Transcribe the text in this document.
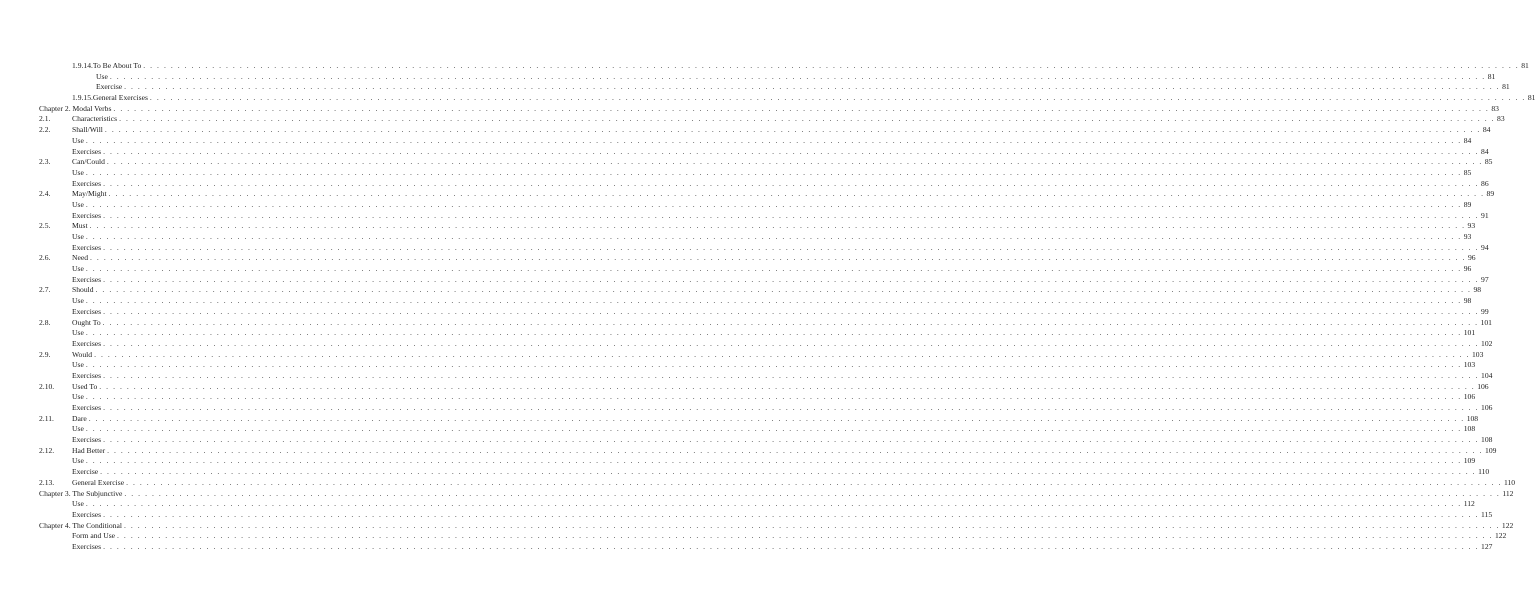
1.9.14.To Be About To . . . . . . . . . . . . . . . . . . . . . . . . . . . . . . . . . . . . . . . . . . . . . . . . . . . . . . . . . . . . . . . . . . . . . . . . . . . . . . . . . . . . . . . . . . . . . . . . . . . . . . . . . . . . . . . . . . . . . . . . . . . . . . . . . . . . . . . . . . . . . . . . . . . . . . . . . . . . . . . . . . . . . . . . . . . . . . . . . . . . . . . . . . . . . . . . . . . . . . . . 81
Use . . . . . . . . . . . . . . . . . . . . . . . . . . . . . . . . . . . . . . . . . . . . . . . . . . . . . . . . . . . . . . . . . . . . . . . . . . . . . . . . . . . . . . . . . . . . . . . . . . . . . . . . . . . . . . . . . . . . . . . . . . . . . . . . . . . . . . . . . . . . . . . . . . . . . . . . . . . . . . . . . . . . . . . . . . . . . . . . . . . . . . . . . . . . . . . . . . . . . . . . 81
Exercise . . . . . . . . . . . . . . . . . . . . . . . . . . . . . . . . . . . . . . . . . . . . . . . . . . . . . . . . . . . . . . . . . . . . . . . . . . . . . . . . . . . . . . . . . . . . . . . . . . . . . . . . . . . . . . . . . . . . . . . . . . . . . . . . . . . . . . . . . . . . . . . . . . . . . . . . . . . . . . . . . . . . . . . . . . . . . . . . . . . . . . . . . . . . . . . . . . . . . . . . 81
1.9.15.General Exercises . . . . . . . . . . . . . . . . . . . . . . . . . . . . . . . . . . . . . . . . . . . . . . . . . . . . . . . . . . . . . . . . . . . . . . . . . . . . . . . . . . . . . . . . . . . . . . . . . . . . . . . . . . . . . . . . . . . . . . . . . . . . . . . . . . . . . . . . . . . . . . . . . . . . . . . . . . . . . . . . . . . . . . . . . . . . . . . . . . . . . . . . . . . . . . . . . . . . . . . . 81
Chapter 2. Modal Verbs . . . . . . . . . . . . . . . . . . . . . . . . . . . . . . . . . . . . . . . . . . . . . . . . . . . . . . . . . . . . . . . . . . . . . . . . . . . . . . . . . . . . . . . . . . . . . . . . . . . . . . . . . . . . . . . . . . . . . . . . . . . . . . . . . . . . . . . . . . . . . . . . . . . . . . . . . . . . . . . . . . . . . . . . . . . . . . . . . . . . . . . . . . . . . . . . . . . . . . . . 83
2.1.	Characteristics . . . . . . . . . . . . . . . . . . . . . . . . . . . . . . . . . . . . . . . . . . . . . . . . . . . . . . . . . . . . . . . . . . . . . . . . . . . . . . . . . . . . . . . . . . . . . . . . . . . . . . . . . . . . . . . . . . . . . . . . . . . . . . . . . . . . . . . . . . . . . . . . . . . . . . . . . . . . . . . . . . . . . . . . . . . . . . . . . . . . . . . . . . . . . . . . . . . . . . . . 83
2.2.	Shall/Will . . . . . . . . . . . . . . . . . . . . . . . . . . . . . . . . . . . . . . . . . . . . . . . . . . . . . . . . . . . . . . . . . . . . . . . . . . . . . . . . . . . . . . . . . . . . . . . . . . . . . . . . . . . . . . . . . . . . . . . . . . . . . . . . . . . . . . . . . . . . . . . . . . . . . . . . . . . . . . . . . . . . . . . . . . . . . . . . . . . . . . . . . . . . . . . . . . . . . . . . 84
Use . . . . . . . . . . . . . . . . . . . . . . . . . . . . . . . . . . . . . . . . . . . . . . . . . . . . . . . . . . . . . . . . . . . . . . . . . . . . . . . . . . . . . . . . . . . . . . . . . . . . . . . . . . . . . . . . . . . . . . . . . . . . . . . . . . . . . . . . . . . . . . . . . . . . . . . . . . . . . . . . . . . . . . . . . . . . . . . . . . . . . . . . . . . . . . . . . . . . . . . . 84
Exercises . . . . . . . . . . . . . . . . . . . . . . . . . . . . . . . . . . . . . . . . . . . . . . . . . . . . . . . . . . . . . . . . . . . . . . . . . . . . . . . . . . . . . . . . . . . . . . . . . . . . . . . . . . . . . . . . . . . . . . . . . . . . . . . . . . . . . . . . . . . . . . . . . . . . . . . . . . . . . . . . . . . . . . . . . . . . . . . . . . . . . . . . . . . . . . . . . . . . . . . . 84
2.3.	Can/Could . . . . . . . . . . . . . . . . . . . . . . . . . . . . . . . . . . . . . . . . . . . . . . . . . . . . . . . . . . . . . . . . . . . . . . . . . . . . . . . . . . . . . . . . . . . . . . . . . . . . . . . . . . . . . . . . . . . . . . . . . . . . . . . . . . . . . . . . . . . . . . . . . . . . . . . . . . . . . . . . . . . . . . . . . . . . . . . . . . . . . . . . . . . . . . . . . . . . . . . . 85
Use . . . . . . . . . . . . . . . . . . . . . . . . . . . . . . . . . . . . . . . . . . . . . . . . . . . . . . . . . . . . . . . . . . . . . . . . . . . . . . . . . . . . . . . . . . . . . . . . . . . . . . . . . . . . . . . . . . . . . . . . . . . . . . . . . . . . . . . . . . . . . . . . . . . . . . . . . . . . . . . . . . . . . . . . . . . . . . . . . . . . . . . . . . . . . . . . . . . . . . . . 85
Exercises . . . . . . . . . . . . . . . . . . . . . . . . . . . . . . . . . . . . . . . . . . . . . . . . . . . . . . . . . . . . . . . . . . . . . . . . . . . . . . . . . . . . . . . . . . . . . . . . . . . . . . . . . . . . . . . . . . . . . . . . . . . . . . . . . . . . . . . . . . . . . . . . . . . . . . . . . . . . . . . . . . . . . . . . . . . . . . . . . . . . . . . . . . . . . . . . . . . . . . . . 86
2.4.	May/Might . . . . . . . . . . . . . . . . . . . . . . . . . . . . . . . . . . . . . . . . . . . . . . . . . . . . . . . . . . . . . . . . . . . . . . . . . . . . . . . . . . . . . . . . . . . . . . . . . . . . . . . . . . . . . . . . . . . . . . . . . . . . . . . . . . . . . . . . . . . . . . . . . . . . . . . . . . . . . . . . . . . . . . . . . . . . . . . . . . . . . . . . . . . . . . . . . . . . . . . . 89
Use . . . . . . . . . . . . . . . . . . . . . . . . . . . . . . . . . . . . . . . . . . . . . . . . . . . . . . . . . . . . . . . . . . . . . . . . . . . . . . . . . . . . . . . . . . . . . . . . . . . . . . . . . . . . . . . . . . . . . . . . . . . . . . . . . . . . . . . . . . . . . . . . . . . . . . . . . . . . . . . . . . . . . . . . . . . . . . . . . . . . . . . . . . . . . . . . . . . . . . . . 89
Exercises . . . . . . . . . . . . . . . . . . . . . . . . . . . . . . . . . . . . . . . . . . . . . . . . . . . . . . . . . . . . . . . . . . . . . . . . . . . . . . . . . . . . . . . . . . . . . . . . . . . . . . . . . . . . . . . . . . . . . . . . . . . . . . . . . . . . . . . . . . . . . . . . . . . . . . . . . . . . . . . . . . . . . . . . . . . . . . . . . . . . . . . . . . . . . . . . . . . . . . . . 91
2.5.	Must . . . . . . . . . . . . . . . . . . . . . . . . . . . . . . . . . . . . . . . . . . . . . . . . . . . . . . . . . . . . . . . . . . . . . . . . . . . . . . . . . . . . . . . . . . . . . . . . . . . . . . . . . . . . . . . . . . . . . . . . . . . . . . . . . . . . . . . . . . . . . . . . . . . . . . . . . . . . . . . . . . . . . . . . . . . . . . . . . . . . . . . . . . . . . . . . . . . . . . . . 93
Use . . . . . . . . . . . . . . . . . . . . . . . . . . . . . . . . . . . . . . . . . . . . . . . . . . . . . . . . . . . . . . . . . . . . . . . . . . . . . . . . . . . . . . . . . . . . . . . . . . . . . . . . . . . . . . . . . . . . . . . . . . . . . . . . . . . . . . . . . . . . . . . . . . . . . . . . . . . . . . . . . . . . . . . . . . . . . . . . . . . . . . . . . . . . . . . . . . . . . . . . 93
Exercises . . . . . . . . . . . . . . . . . . . . . . . . . . . . . . . . . . . . . . . . . . . . . . . . . . . . . . . . . . . . . . . . . . . . . . . . . . . . . . . . . . . . . . . . . . . . . . . . . . . . . . . . . . . . . . . . . . . . . . . . . . . . . . . . . . . . . . . . . . . . . . . . . . . . . . . . . . . . . . . . . . . . . . . . . . . . . . . . . . . . . . . . . . . . . . . . . . . . . . . . 94
2.6.	Need . . . . . . . . . . . . . . . . . . . . . . . . . . . . . . . . . . . . . . . . . . . . . . . . . . . . . . . . . . . . . . . . . . . . . . . . . . . . . . . . . . . . . . . . . . . . . . . . . . . . . . . . . . . . . . . . . . . . . . . . . . . . . . . . . . . . . . . . . . . . . . . . . . . . . . . . . . . . . . . . . . . . . . . . . . . . . . . . . . . . . . . . . . . . . . . . . . . . . . . . 96
Use . . . . . . . . . . . . . . . . . . . . . . . . . . . . . . . . . . . . . . . . . . . . . . . . . . . . . . . . . . . . . . . . . . . . . . . . . . . . . . . . . . . . . . . . . . . . . . . . . . . . . . . . . . . . . . . . . . . . . . . . . . . . . . . . . . . . . . . . . . . . . . . . . . . . . . . . . . . . . . . . . . . . . . . . . . . . . . . . . . . . . . . . . . . . . . . . . . . . . . . . 96
Exercises . . . . . . . . . . . . . . . . . . . . . . . . . . . . . . . . . . . . . . . . . . . . . . . . . . . . . . . . . . . . . . . . . . . . . . . . . . . . . . . . . . . . . . . . . . . . . . . . . . . . . . . . . . . . . . . . . . . . . . . . . . . . . . . . . . . . . . . . . . . . . . . . . . . . . . . . . . . . . . . . . . . . . . . . . . . . . . . . . . . . . . . . . . . . . . . . . . . . . . . . 97
2.7.	Should . . . . . . . . . . . . . . . . . . . . . . . . . . . . . . . . . . . . . . . . . . . . . . . . . . . . . . . . . . . . . . . . . . . . . . . . . . . . . . . . . . . . . . . . . . . . . . . . . . . . . . . . . . . . . . . . . . . . . . . . . . . . . . . . . . . . . . . . . . . . . . . . . . . . . . . . . . . . . . . . . . . . . . . . . . . . . . . . . . . . . . . . . . . . . . . . . . . . . . . . 98
Use . . . . . . . . . . . . . . . . . . . . . . . . . . . . . . . . . . . . . . . . . . . . . . . . . . . . . . . . . . . . . . . . . . . . . . . . . . . . . . . . . . . . . . . . . . . . . . . . . . . . . . . . . . . . . . . . . . . . . . . . . . . . . . . . . . . . . . . . . . . . . . . . . . . . . . . . . . . . . . . . . . . . . . . . . . . . . . . . . . . . . . . . . . . . . . . . . . . . . . . . 98
Exercises . . . . . . . . . . . . . . . . . . . . . . . . . . . . . . . . . . . . . . . . . . . . . . . . . . . . . . . . . . . . . . . . . . . . . . . . . . . . . . . . . . . . . . . . . . . . . . . . . . . . . . . . . . . . . . . . . . . . . . . . . . . . . . . . . . . . . . . . . . . . . . . . . . . . . . . . . . . . . . . . . . . . . . . . . . . . . . . . . . . . . . . . . . . . . . . . . . . . . . . . 99
2.8.	Ought To . . . . . . . . . . . . . . . . . . . . . . . . . . . . . . . . . . . . . . . . . . . . . . . . . . . . . . . . . . . . . . . . . . . . . . . . . . . . . . . . . . . . . . . . . . . . . . . . . . . . . . . . . . . . . . . . . . . . . . . . . . . . . . . . . . . . . . . . . . . . . . . . . . . . . . . . . . . . . . . . . . . . . . . . . . . . . . . . . . . . . . . . . . . . . . . . . . . . . . . . 101
Use . . . . . . . . . . . . . . . . . . . . . . . . . . . . . . . . . . . . . . . . . . . . . . . . . . . . . . . . . . . . . . . . . . . . . . . . . . . . . . . . . . . . . . . . . . . . . . . . . . . . . . . . . . . . . . . . . . . . . . . . . . . . . . . . . . . . . . . . . . . . . . . . . . . . . . . . . . . . . . . . . . . . . . . . . . . . . . . . . . . . . . . . . . . . . . . . . . . . . . . . 101
Exercises . . . . . . . . . . . . . . . . . . . . . . . . . . . . . . . . . . . . . . . . . . . . . . . . . . . . . . . . . . . . . . . . . . . . . . . . . . . . . . . . . . . . . . . . . . . . . . . . . . . . . . . . . . . . . . . . . . . . . . . . . . . . . . . . . . . . . . . . . . . . . . . . . . . . . . . . . . . . . . . . . . . . . . . . . . . . . . . . . . . . . . . . . . . . . . . . . . . . . . . . 102
2.9.	Would . . . . . . . . . . . . . . . . . . . . . . . . . . . . . . . . . . . . . . . . . . . . . . . . . . . . . . . . . . . . . . . . . . . . . . . . . . . . . . . . . . . . . . . . . . . . . . . . . . . . . . . . . . . . . . . . . . . . . . . . . . . . . . . . . . . . . . . . . . . . . . . . . . . . . . . . . . . . . . . . . . . . . . . . . . . . . . . . . . . . . . . . . . . . . . . . . . . . . . . . 103
Use . . . . . . . . . . . . . . . . . . . . . . . . . . . . . . . . . . . . . . . . . . . . . . . . . . . . . . . . . . . . . . . . . . . . . . . . . . . . . . . . . . . . . . . . . . . . . . . . . . . . . . . . . . . . . . . . . . . . . . . . . . . . . . . . . . . . . . . . . . . . . . . . . . . . . . . . . . . . . . . . . . . . . . . . . . . . . . . . . . . . . . . . . . . . . . . . . . . . . . . . 103
Exercises . . . . . . . . . . . . . . . . . . . . . . . . . . . . . . . . . . . . . . . . . . . . . . . . . . . . . . . . . . . . . . . . . . . . . . . . . . . . . . . . . . . . . . . . . . . . . . . . . . . . . . . . . . . . . . . . . . . . . . . . . . . . . . . . . . . . . . . . . . . . . . . . . . . . . . . . . . . . . . . . . . . . . . . . . . . . . . . . . . . . . . . . . . . . . . . . . . . . . . . . 104
2.10. Used To . . . . . . . . . . . . . . . . . . . . . . . . . . . . . . . . . . . . . . . . . . . . . . . . . . . . . . . . . . . . . . . . . . . . . . . . . . . . . . . . . . . . . . . . . . . . . . . . . . . . . . . . . . . . . . . . . . . . . . . . . . . . . . . . . . . . . . . . . . . . . . . . . . . . . . . . . . . . . . . . . . . . . . . . . . . . . . . . . . . . . . . . . . . . . . . . . . . . . . . . 106
Use . . . . . . . . . . . . . . . . . . . . . . . . . . . . . . . . . . . . . . . . . . . . . . . . . . . . . . . . . . . . . . . . . . . . . . . . . . . . . . . . . . . . . . . . . . . . . . . . . . . . . . . . . . . . . . . . . . . . . . . . . . . . . . . . . . . . . . . . . . . . . . . . . . . . . . . . . . . . . . . . . . . . . . . . . . . . . . . . . . . . . . . . . . . . . . . . . . . . . . . . 106
Exercises . . . . . . . . . . . . . . . . . . . . . . . . . . . . . . . . . . . . . . . . . . . . . . . . . . . . . . . . . . . . . . . . . . . . . . . . . . . . . . . . . . . . . . . . . . . . . . . . . . . . . . . . . . . . . . . . . . . . . . . . . . . . . . . . . . . . . . . . . . . . . . . . . . . . . . . . . . . . . . . . . . . . . . . . . . . . . . . . . . . . . . . . . . . . . . . . . . . . . . . . 106
2.11. Dare . . . . . . . . . . . . . . . . . . . . . . . . . . . . . . . . . . . . . . . . . . . . . . . . . . . . . . . . . . . . . . . . . . . . . . . . . . . . . . . . . . . . . . . . . . . . . . . . . . . . . . . . . . . . . . . . . . . . . . . . . . . . . . . . . . . . . . . . . . . . . . . . . . . . . . . . . . . . . . . . . . . . . . . . . . . . . . . . . . . . . . . . . . . . . . . . . . . . . . . . 108
Use . . . . . . . . . . . . . . . . . . . . . . . . . . . . . . . . . . . . . . . . . . . . . . . . . . . . . . . . . . . . . . . . . . . . . . . . . . . . . . . . . . . . . . . . . . . . . . . . . . . . . . . . . . . . . . . . . . . . . . . . . . . . . . . . . . . . . . . . . . . . . . . . . . . . . . . . . . . . . . . . . . . . . . . . . . . . . . . . . . . . . . . . . . . . . . . . . . . . . . . . 108
Exercises . . . . . . . . . . . . . . . . . . . . . . . . . . . . . . . . . . . . . . . . . . . . . . . . . . . . . . . . . . . . . . . . . . . . . . . . . . . . . . . . . . . . . . . . . . . . . . . . . . . . . . . . . . . . . . . . . . . . . . . . . . . . . . . . . . . . . . . . . . . . . . . . . . . . . . . . . . . . . . . . . . . . . . . . . . . . . . . . . . . . . . . . . . . . . . . . . . . . . . . . 108
2.12. Had Better . . . . . . . . . . . . . . . . . . . . . . . . . . . . . . . . . . . . . . . . . . . . . . . . . . . . . . . . . . . . . . . . . . . . . . . . . . . . . . . . . . . . . . . . . . . . . . . . . . . . . . . . . . . . . . . . . . . . . . . . . . . . . . . . . . . . . . . . . . . . . . . . . . . . . . . . . . . . . . . . . . . . . . . . . . . . . . . . . . . . . . . . . . . . . . . . . . . . . . . . 109
Use . . . . . . . . . . . . . . . . . . . . . . . . . . . . . . . . . . . . . . . . . . . . . . . . . . . . . . . . . . . . . . . . . . . . . . . . . . . . . . . . . . . . . . . . . . . . . . . . . . . . . . . . . . . . . . . . . . . . . . . . . . . . . . . . . . . . . . . . . . . . . . . . . . . . . . . . . . . . . . . . . . . . . . . . . . . . . . . . . . . . . . . . . . . . . . . . . . . . . . . . 109
Exercise . . . . . . . . . . . . . . . . . . . . . . . . . . . . . . . . . . . . . . . . . . . . . . . . . . . . . . . . . . . . . . . . . . . . . . . . . . . . . . . . . . . . . . . . . . . . . . . . . . . . . . . . . . . . . . . . . . . . . . . . . . . . . . . . . . . . . . . . . . . . . . . . . . . . . . . . . . . . . . . . . . . . . . . . . . . . . . . . . . . . . . . . . . . . . . . . . . . . . . . . 110
2.13. General Exercise . . . . . . . . . . . . . . . . . . . . . . . . . . . . . . . . . . . . . . . . . . . . . . . . . . . . . . . . . . . . . . . . . . . . . . . . . . . . . . . . . . . . . . . . . . . . . . . . . . . . . . . . . . . . . . . . . . . . . . . . . . . . . . . . . . . . . . . . . . . . . . . . . . . . . . . . . . . . . . . . . . . . . . . . . . . . . . . . . . . . . . . . . . . . . . . . . . . . . . . . 110
Chapter 3. The Subjunctive . . . . . . . . . . . . . . . . . . . . . . . . . . . . . . . . . . . . . . . . . . . . . . . . . . . . . . . . . . . . . . . . . . . . . . . . . . . . . . . . . . . . . . . . . . . . . . . . . . . . . . . . . . . . . . . . . . . . . . . . . . . . . . . . . . . . . . . . . . . . . . . . . . . . . . . . . . . . . . . . . . . . . . . . . . . . . . . . . . . . . . . . . . . . . . . . . . . . . . . . 112
Use . . . . . . . . . . . . . . . . . . . . . . . . . . . . . . . . . . . . . . . . . . . . . . . . . . . . . . . . . . . . . . . . . . . . . . . . . . . . . . . . . . . . . . . . . . . . . . . . . . . . . . . . . . . . . . . . . . . . . . . . . . . . . . . . . . . . . . . . . . . . . . . . . . . . . . . . . . . . . . . . . . . . . . . . . . . . . . . . . . . . . . . . . . . . . . . . . . . . . . . . 112
Exercises . . . . . . . . . . . . . . . . . . . . . . . . . . . . . . . . . . . . . . . . . . . . . . . . . . . . . . . . . . . . . . . . . . . . . . . . . . . . . . . . . . . . . . . . . . . . . . . . . . . . . . . . . . . . . . . . . . . . . . . . . . . . . . . . . . . . . . . . . . . . . . . . . . . . . . . . . . . . . . . . . . . . . . . . . . . . . . . . . . . . . . . . . . . . . . . . . . . . . . . . 115
Chapter 4. The Conditional . . . . . . . . . . . . . . . . . . . . . . . . . . . . . . . . . . . . . . . . . . . . . . . . . . . . . . . . . . . . . . . . . . . . . . . . . . . . . . . . . . . . . . . . . . . . . . . . . . . . . . . . . . . . . . . . . . . . . . . . . . . . . . . . . . . . . . . . . . . . . . . . . . . . . . . . . . . . . . . . . . . . . . . . . . . . . . . . . . . . . . . . . . . . . . . . . . . . . . . . 122
Form and Use . . . . . . . . . . . . . . . . . . . . . . . . . . . . . . . . . . . . . . . . . . . . . . . . . . . . . . . . . . . . . . . . . . . . . . . . . . . . . . . . . . . . . . . . . . . . . . . . . . . . . . . . . . . . . . . . . . . . . . . . . . . . . . . . . . . . . . . . . . . . . . . . . . . . . . . . . . . . . . . . . . . . . . . . . . . . . . . . . . . . . . . . . . . . . . . . . . . . . . . . 122
Exercises . . . . . . . . . . . . . . . . . . . . . . . . . . . . . . . . . . . . . . . . . . . . . . . . . . . . . . . . . . . . . . . . . . . . . . . . . . . . . . . . . . . . . . . . . . . . . . . . . . . . . . . . . . . . . . . . . . . . . . . . . . . . . . . . . . . . . . . . . . . . . . . . . . . . . . . . . . . . . . . . . . . . . . . . . . . . . . . . . . . . . . . . . . . . . . . . . . . . . . . . 127
